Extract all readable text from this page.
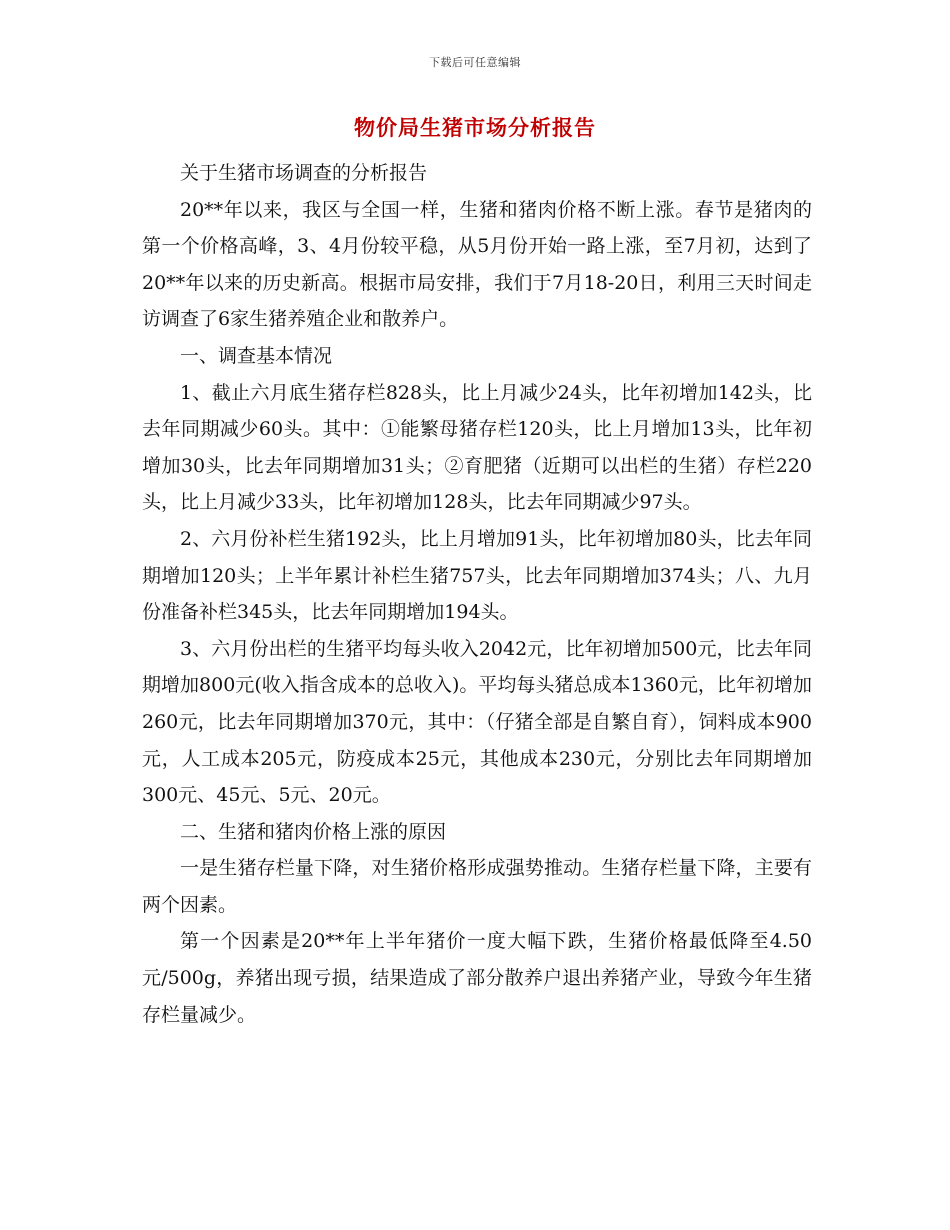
下载后可任意编辑
物价局生猪市场分析报告

关于生猪市场调查的分析报告

20**年以来，我区与全国一样，生猪和猪肉价格不断上涨。春节是猪肉的第一个价格高峰，3、4月份较平稳，从5月份开始一路上涨，至7月初，达到了20**年以来的历史新高。根据市局安排，我们于7月18-20日，利用三天时间走访调查了6家生猪养殖企业和散养户。

一、调查基本情况

1、截止六月底生猪存栏828头，比上月减少24头，比年初增加142头，比去年同期减少60头。其中：①能繁母猪存栏120头，比上月增加13头，比年初增加30头，比去年同期增加31头；②育肥猪（近期可以出栏的生猪）存栏220头，比上月减少33头，比年初增加128头，比去年同期减少97头。

2、六月份补栏生猪192头，比上月增加91头，比年初增加80头，比去年同期增加120头；上半年累计补栏生猪757头，比去年同期增加374头；八、九月份准备补栏345头，比去年同期增加194头。

3、六月份出栏的生猪平均每头收入2042元，比年初增加500元，比去年同期增加800元(收入指含成本的总收入)。平均每头猪总成本1360元，比年初增加260元，比去年同期增加370元，其中：（仔猪全部是自繁自育），饲料成本900元，人工成本205元，防疫成本25元，其他成本230元，分别比去年同期增加300元、45元、5元、20元。

二、生猪和猪肉价格上涨的原因

一是生猪存栏量下降，对生猪价格形成强势推动。生猪存栏量下降，主要有两个因素。

第一个因素是20**年上半年猪价一度大幅下跌，生猪价格最低降至4.50元/500g，养猪出现亏损，结果造成了部分散养户退出养猪产业，导致今年生猪存栏量减少。
